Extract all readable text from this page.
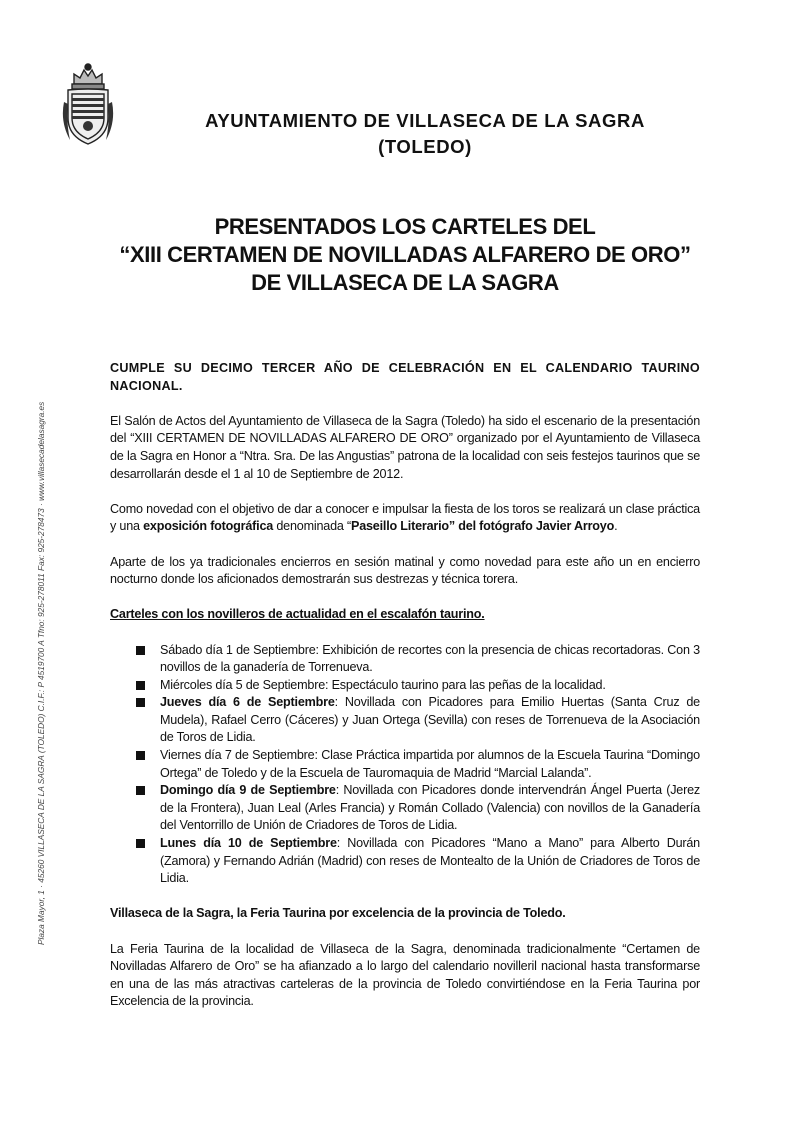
Plaza Mayor, 1 · 45260 VILLASECA DE LA SAGRA (TOLEDO) C.I.F.: P 4519700 A Tfno: 925-278011 Fax: 925-278473 · www.villasecadelasagra.es
AYUNTAMIENTO DE VILLASECA DE LA SAGRA
(TOLEDO)
PRESENTADOS LOS CARTELES DEL
“XIII CERTAMEN DE NOVILLADAS ALFARERO DE ORO”
DE VILLASECA DE LA SAGRA

CUMPLE SU DECIMO TERCER AÑO DE CELEBRACIÓN EN EL CALENDARIO TAURINO NACIONAL.

El Salón de Actos del Ayuntamiento de Villaseca de la Sagra (Toledo) ha sido el escenario de la presentación del “XIII CERTAMEN DE NOVILLADAS ALFARERO DE ORO” organizado por el Ayuntamiento de Villaseca de la Sagra en Honor a “Ntra. Sra. De las Angustias” patrona de la localidad con seis festejos taurinos que se desarrollarán desde el 1 al 10 de Septiembre de 2012.

Como novedad con el objetivo de dar a conocer e impulsar la fiesta de los toros se realizará un clase práctica y una exposición fotográfica denominada “Paseillo Literario” del fotógrafo Javier Arroyo.

Aparte de los ya tradicionales encierros en sesión matinal y como novedad para este año un en encierro nocturno donde los aficionados demostrarán sus destrezas y técnica torera.

Carteles con los novilleros de actualidad en el escalafón taurino.

Sábado día 1 de Septiembre: Exhibición de recortes con la presencia de chicas recortadoras. Con 3 novillos de la ganadería de Torrenueva.
Miércoles día 5 de Septiembre: Espectáculo taurino para las peñas de la localidad.
Jueves día 6 de Septiembre: Novillada con Picadores para Emilio Huertas (Santa Cruz de Mudela), Rafael Cerro (Cáceres) y Juan Ortega (Sevilla) con reses de Torrenueva de la Asociación de Toros de Lidia.
Viernes día 7 de Septiembre: Clase Práctica impartida por alumnos de la Escuela Taurina “Domingo Ortega” de Toledo y de la Escuela de Tauromaquia de Madrid “Marcial Lalanda”.
Domingo día 9 de Septiembre: Novillada con Picadores donde intervendrán Ángel Puerta (Jerez de la Frontera), Juan Leal (Arles Francia) y Román Collado (Valencia) con novillos de la Ganadería del Ventorrillo de Unión de Criadores de Toros de Lidia.
Lunes día 10 de Septiembre: Novillada con Picadores “Mano a Mano” para Alberto Durán (Zamora) y Fernando Adrián (Madrid) con reses de Montealto de la Unión de Criadores de Toros de Lidia.

Villaseca de la Sagra, la Feria Taurina por excelencia de la provincia de Toledo.

La Feria Taurina de la localidad de Villaseca de la Sagra, denominada tradicionalmente “Certamen de Novilladas Alfarero de Oro” se ha afianzado a lo largo del calendario novilleril nacional hasta transformarse en una de las más atractivas carteleras de la provincia de Toledo convirtiéndose en la Feria Taurina por Excelencia de la provincia.
